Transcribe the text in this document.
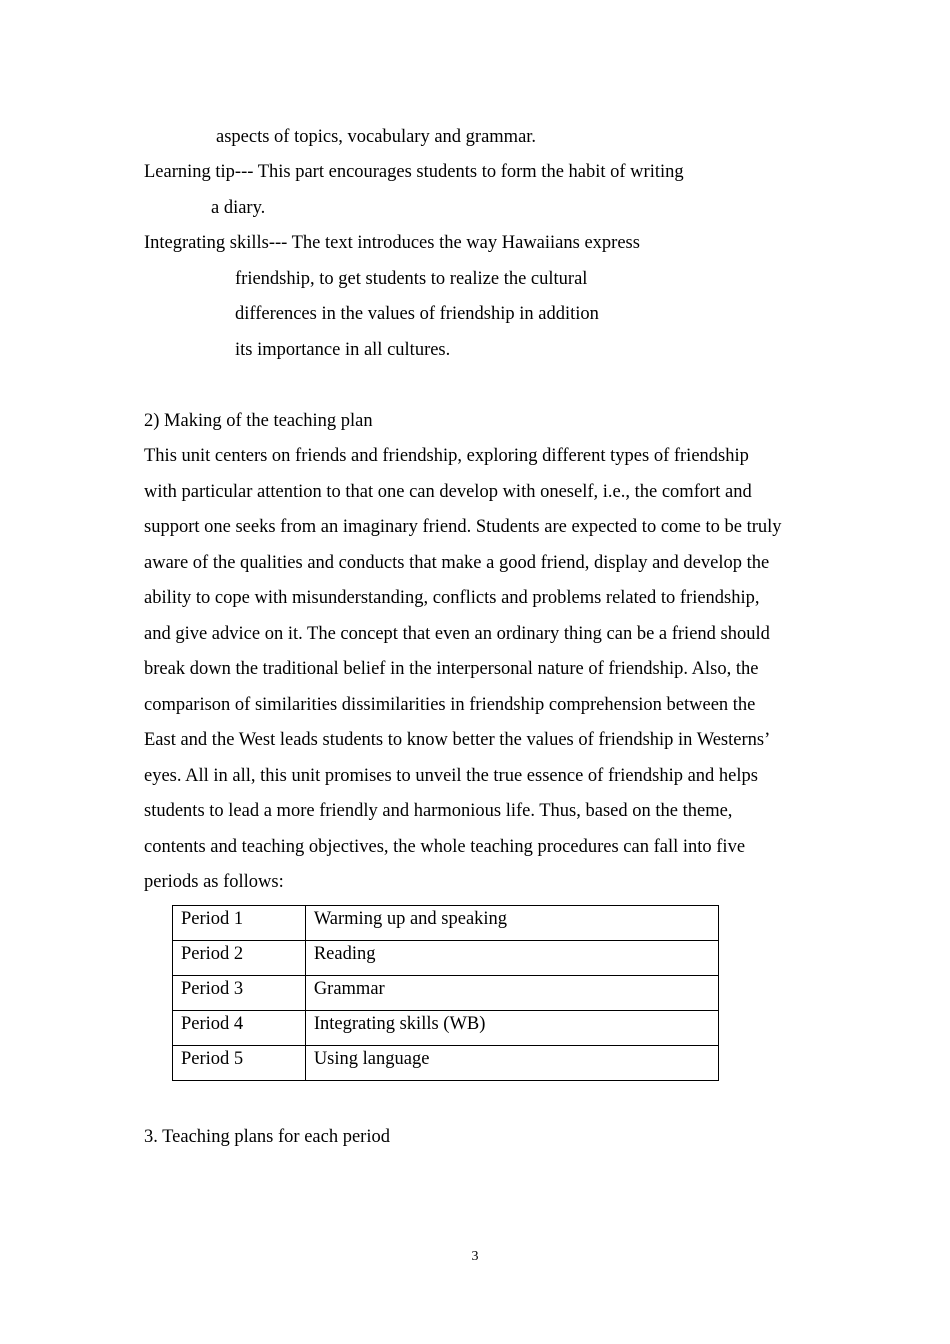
aspects of topics, vocabulary and grammar.
Learning tip--- This part encourages students to form the habit of writing
a diary.
Integrating skills--- The text introduces the way Hawaiians express
friendship, to get students to realize the cultural
differences in the values of friendship in addition
its importance in all cultures.
2) Making of the teaching plan
This unit centers on friends and friendship, exploring different types of friendship
with particular attention to that one can develop with oneself, i.e., the comfort and
support one seeks from an imaginary friend. Students are expected to come to be truly
aware of the qualities and conducts that make a good friend, display and develop the
ability to cope with misunderstanding, conflicts and problems related to friendship,
and give advice on it. The concept that even an ordinary thing can be a friend should
break down the traditional belief in the interpersonal nature of friendship. Also, the
comparison of similarities dissimilarities in friendship comprehension between the
East and the West leads students to know better the values of friendship in Westerns’
eyes. All in all, this unit promises to unveil the true essence of friendship and helps
students to lead a more friendly and harmonious life. Thus, based on the theme,
contents and teaching objectives, the whole teaching procedures can fall into five
periods as follows:
Period 1	Warming up and speaking
Period 2	Reading
Period 3	Grammar
Period 4	Integrating skills (WB)
Period 5	Using language
3. Teaching plans for each period
3
